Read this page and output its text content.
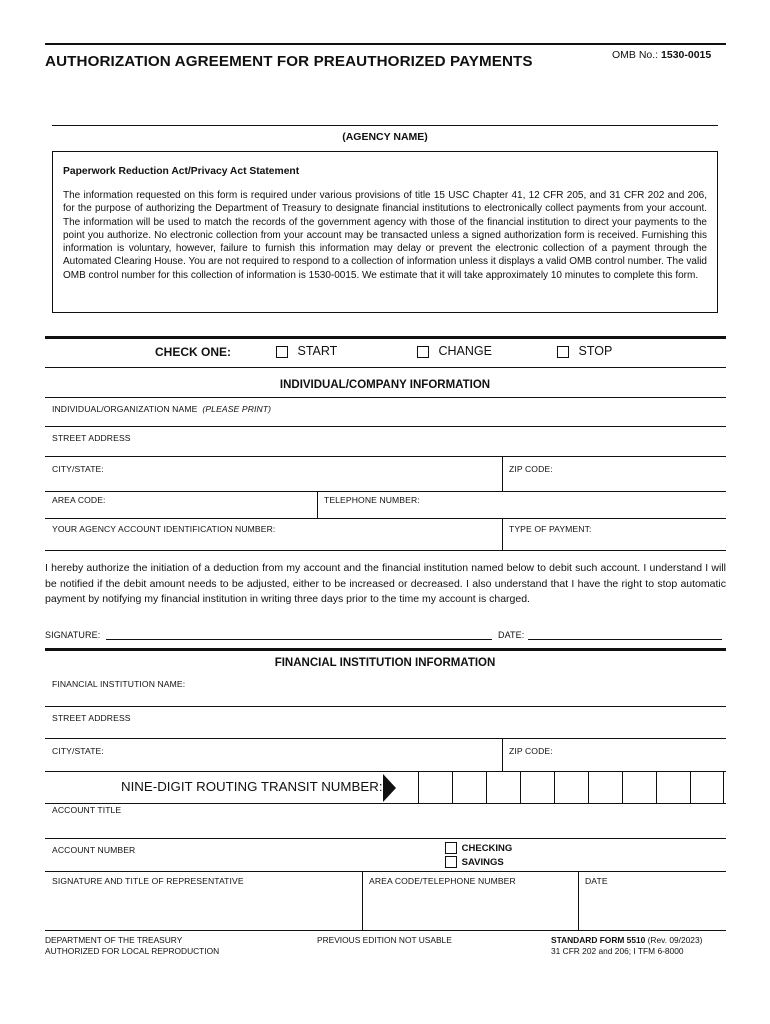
AUTHORIZATION AGREEMENT FOR PREAUTHORIZED PAYMENTS	OMB No.: 1530-0015
(AGENCY NAME)
Paperwork Reduction Act/Privacy Act Statement

The information requested on this form is required under various provisions of title 15 USC Chapter 41, 12 CFR 205, and 31 CFR 202 and 206, for the purpose of authorizing the Department of Treasury to designate financial institutions to electronically collect payments from your account. The information will be used to match the records of the government agency with those of the financial institution to direct your payments to the point you authorize. No electronic collection from your account may be transacted unless a signed authorization form is received. Furnishing this information is voluntary, however, failure to furnish this information may delay or prevent the electronic collection of a payment through the Automated Clearing House. You are not required to respond to a collection of information unless it displays a valid OMB control number. The valid OMB control number for this collection of information is 1530-0015. We estimate that it will take approximately 10 minutes to complete this form.

CHECK ONE:	START	CHANGE	STOP
INDIVIDUAL/COMPANY INFORMATION
INDIVIDUAL/ORGANIZATION NAME (PLEASE PRINT)
STREET ADDRESS
CITY/STATE:	ZIP CODE:
AREA CODE:	TELEPHONE NUMBER:
YOUR AGENCY ACCOUNT IDENTIFICATION NUMBER:	TYPE OF PAYMENT:
I hereby authorize the initiation of a deduction from my account and the financial institution named below to debit such account. I understand I will be notified if the debit amount needs to be adjusted, either to be increased or decreased. I also understand that I have the right to stop automatic payment by notifying my financial institution in writing three days prior to the time my account is charged.
SIGNATURE:	DATE:
FINANCIAL INSTITUTION INFORMATION
FINANCIAL INSTITUTION NAME:
STREET ADDRESS
CITY/STATE:	ZIP CODE:
NINE-DIGIT ROUTING TRANSIT NUMBER:
ACCOUNT TITLE
ACCOUNT NUMBER	CHECKING
SAVINGS
SIGNATURE AND TITLE OF REPRESENTATIVE	AREA CODE/TELEPHONE NUMBER	DATE
DEPARTMENT OF THE TREASURY
AUTHORIZED FOR LOCAL REPRODUCTION
PREVIOUS EDITION NOT USABLE	STANDARD FORM 5510 (Rev. 09/2023)
31 CFR 202 and 206; I TFM 6-8000
